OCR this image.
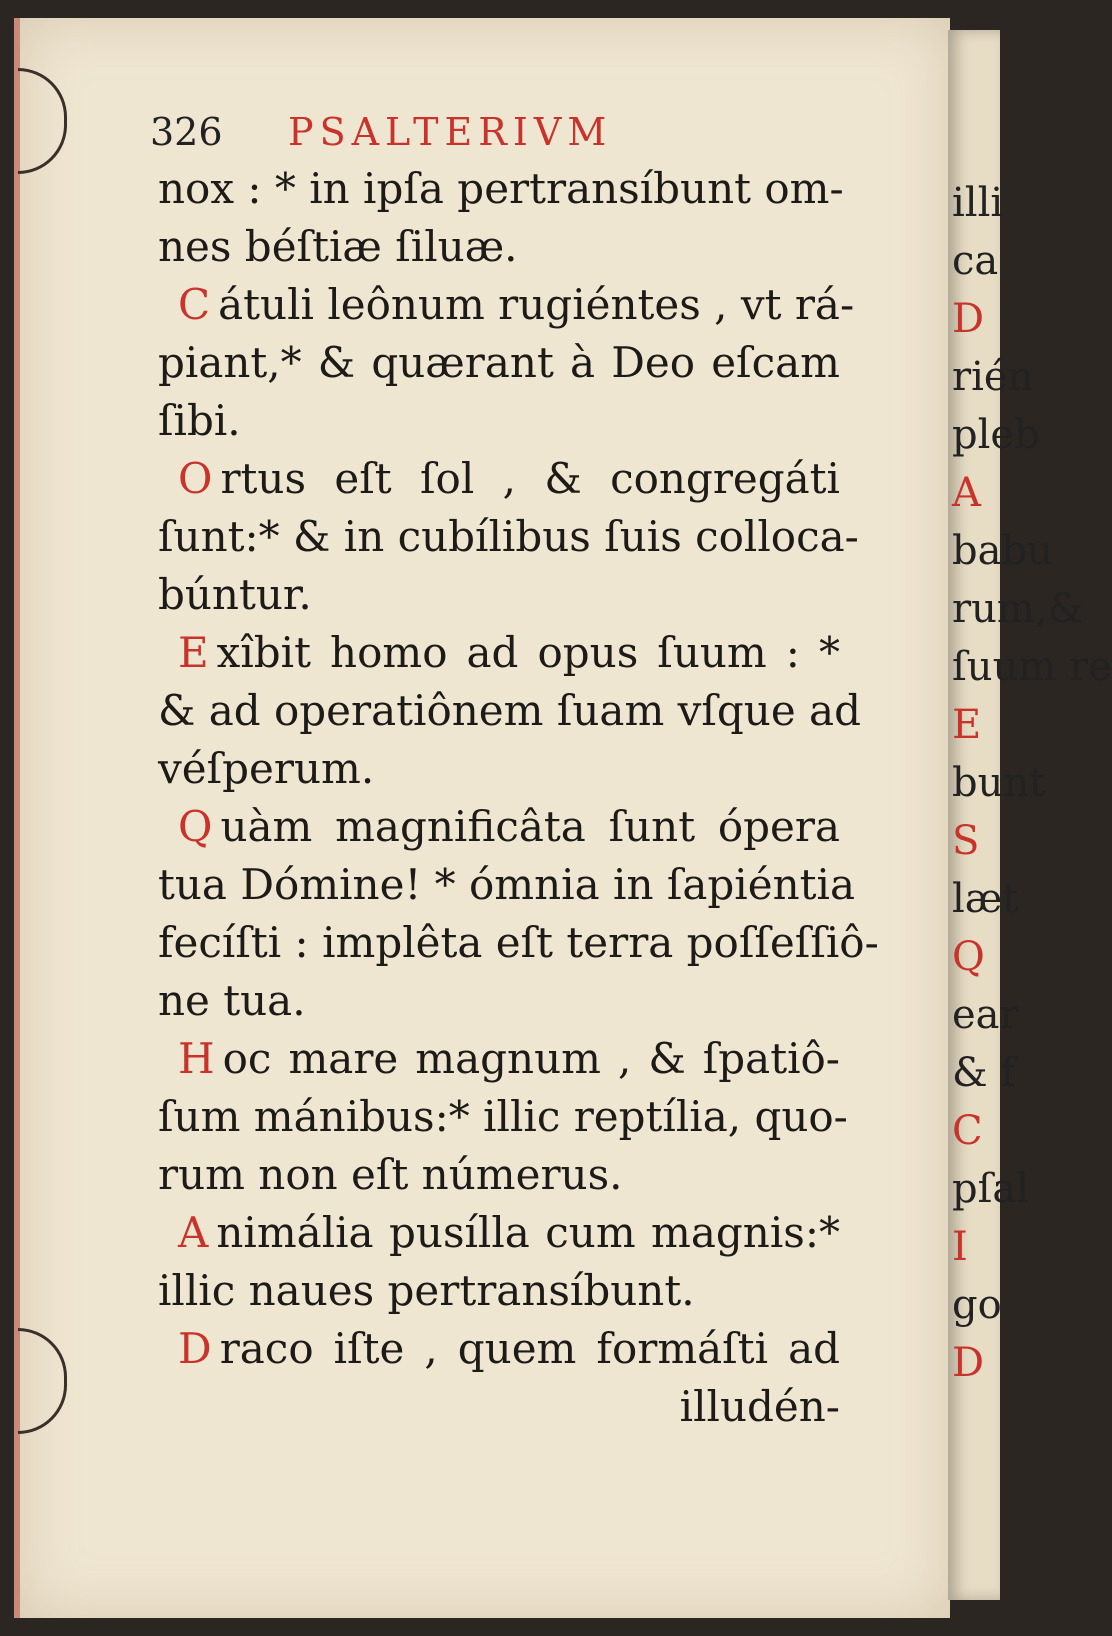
illi
ca
D
rién
pleb
A
babu
rum,&
ſuum re
E
bunt
S
læt
Q
ear
& f
C
pſal
I
go
D
326 PSALTERIVM
nox : * in ipſa pertransíbunt om-
nes béſtiæ ſiluæ.
C átuli leônum rugiéntes , vt rá-
piant,* & quærant à Deo eſcam
ſibi.
O rtus eſt ſol , & congregáti
ſunt:* & in cubílibus ſuis colloca-
búntur.
E xîbit homo ad opus ſuum : *
& ad operatiônem ſuam vſque ad
véſperum.
Q uàm magnificâta ſunt ópera
tua Dómine! * ómnia in ſapiéntia
fecíſti : implêta eſt terra poſſeſſiô-
ne tua.
H oc mare magnum , & ſpatiô-
ſum mánibus:* illic reptília, quo-
rum non eſt númerus.
A nimália pusílla cum magnis:*
illic naues pertransíbunt.
D raco iſte , quem formáſti ad
illudén-
